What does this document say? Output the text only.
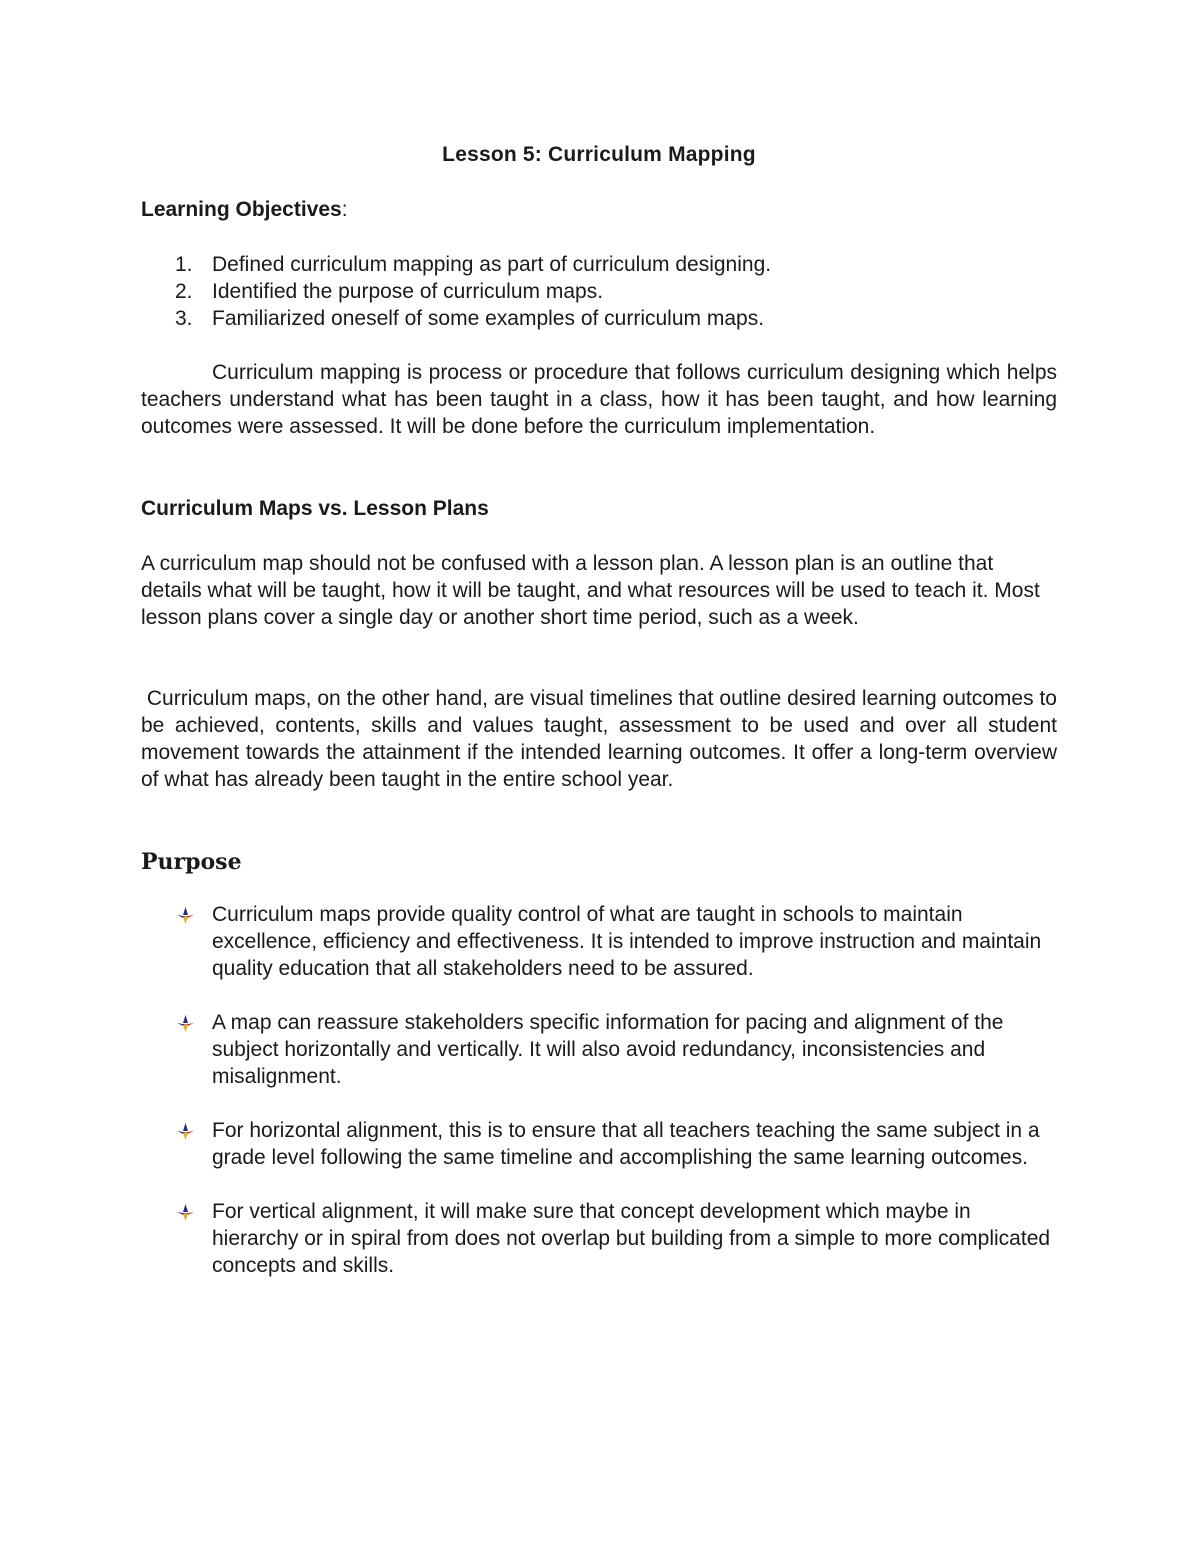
Lesson 5: Curriculum Mapping
Learning Objectives:
1. Defined curriculum mapping as part of curriculum designing.
2. Identified the purpose of curriculum maps.
3. Familiarized oneself of some examples of curriculum maps.

Curriculum mapping is process or procedure that follows curriculum designing which helps teachers understand what has been taught in a class, how it has been taught, and how learning outcomes were assessed. It will be done before the curriculum implementation.

Curriculum Maps vs. Lesson Plans

A curriculum map should not be confused with a lesson plan. A lesson plan is an outline that details what will be taught, how it will be taught, and what resources will be used to teach it. Most lesson plans cover a single day or another short time period, such as a week.

Curriculum maps, on the other hand, are visual timelines that outline desired learning outcomes to be achieved, contents, skills and values taught, assessment to be used and over all student movement towards the attainment if the intended learning outcomes. It offer a long-term overview of what has already been taught in the entire school year.

Purpose
Curriculum maps provide quality control of what are taught in schools to maintain excellence, efficiency and effectiveness. It is intended to improve instruction and maintain quality education that all stakeholders need to be assured.
A map can reassure stakeholders specific information for pacing and alignment of the subject horizontally and vertically. It will also avoid redundancy, inconsistencies and misalignment.
For horizontal alignment, this is to ensure that all teachers teaching the same subject in a grade level following the same timeline and accomplishing the same learning outcomes.
For vertical alignment, it will make sure that concept development which maybe in hierarchy or in spiral from does not overlap but building from a simple to more complicated concepts and skills.
